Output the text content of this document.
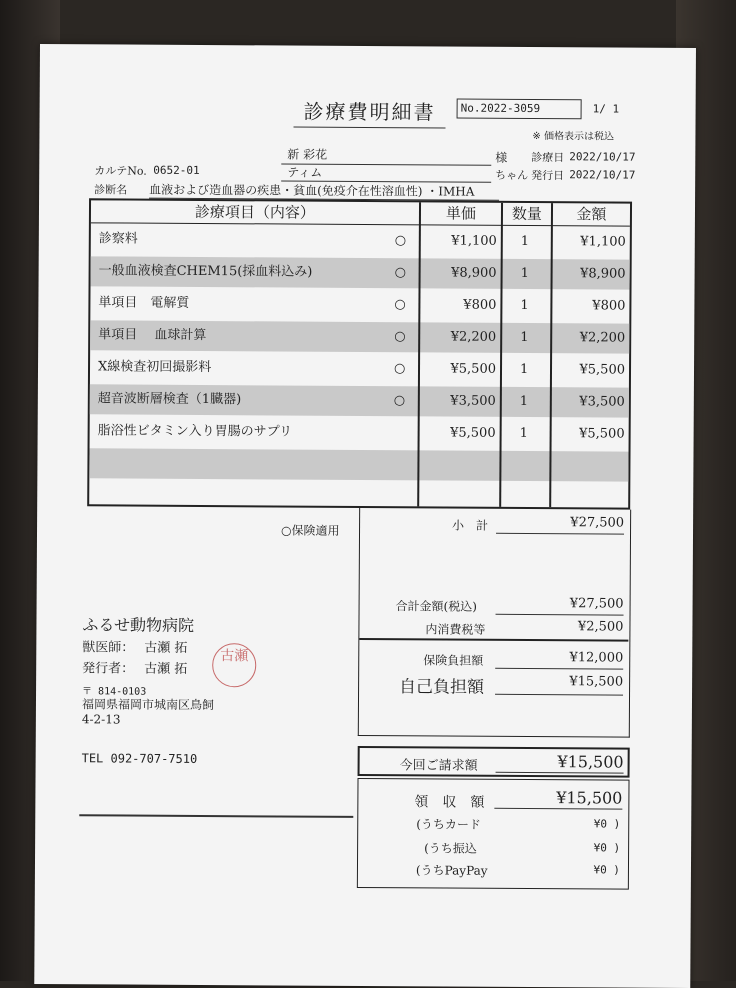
診療費明細書	No.2022-3059	1/ 1
※ 価格表示は税込
新 彩花	様 診療日 2022/10/17
カルテNo. 0652-01	ティム	ちゃん 発行日 2022/10/17
診断名 血液および造血器の疾患・貧血(免疫介在性溶血性) ・IMHA
診療項目（内容）	単価	数量	金額
診察料	○	¥1,100 1	¥1,100
一般血液検査CHEM15(採血料込み)	○	¥8,900 1	¥8,900
単項目　電解質	○	¥800 1	¥800
単項目　 血球計算	○	¥2,200 1	¥2,200
X線検査初回撮影料	○	¥5,500 1	¥5,500
超音波断層検査（1臓器)	○	¥3,500 1	¥3,500
脂浴性ビタミン入り胃腸のサプリ	¥5,500 1	¥5,500
○保険適用	小　計	¥27,500
合計金額(税込)	¥27,500
内消費税等	¥2,500
保険負担額	¥12,000
自己負担額	¥15,500
今回ご請求額	¥15,500
領　収　額	¥15,500
(うちカード	¥0 )
(うち振込	¥0 )
(うちPayPay	¥0 )
ふるせ動物病院
獣医師： 古瀬 拓
発行者： 古瀬 拓
古瀬
〒 814-0103
福岡県福岡市城南区鳥飼
4-2-13
TEL 092-707-7510
